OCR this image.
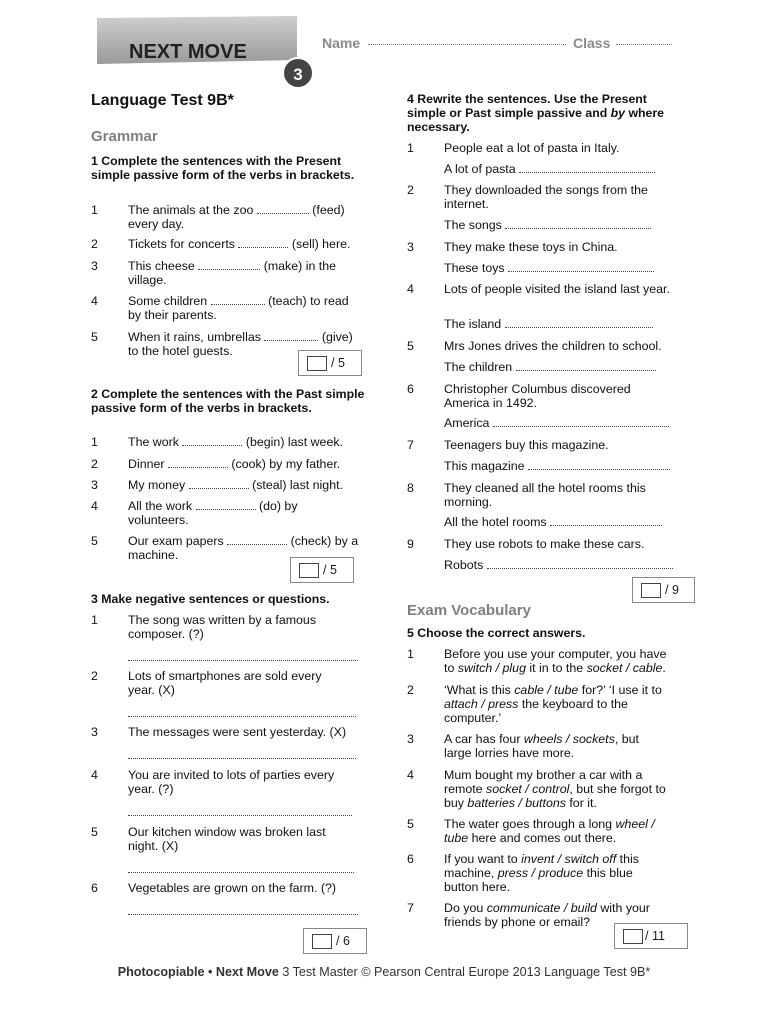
NEXT MOVE
3
Name	Class
Language Test 9B*
Grammar
1 Complete the sentences with the Present simple passive form of the verbs in brackets.
1	The animals at the zoo	(feed) every day.
2	Tickets for concerts	(sell) here.
3	This cheese	(make) in the village.
4	Some children	(teach) to read by their parents.
5	When it rains, umbrellas	(give) to the hotel guests.
/ 5
2 Complete the sentences with the Past simple passive form of the verbs in brackets.
1	The work	(begin) last week.
2	Dinner	(cook) by my father.
3	My money	(steal) last night.
4	All the work	(do) by volunteers.
5	Our exam papers	(check) by a machine.
/ 5
3 Make negative sentences or questions.
1	The song was written by a famous composer. (?)
2	Lots of smartphones are sold every year. (X)
3	The messages were sent yesterday. (X)
4	You are invited to lots of parties every year. (?)
5	Our kitchen window was broken last night. (X)
6	Vegetables are grown on the farm. (?)
/ 6
4 Rewrite the sentences. Use the Present simple or Past simple passive and by where necessary.
1	People eat a lot of pasta in Italy.
A lot of pasta
2	They downloaded the songs from the internet.
The songs
3	They make these toys in China.
These toys
4	Lots of people visited the island last year.
The island
5	Mrs Jones drives the children to school.
The children
6	Christopher Columbus discovered America in 1492.
America
7	Teenagers buy this magazine.
This magazine
8	They cleaned all the hotel rooms this morning.
All the hotel rooms
9	They use robots to make these cars.
Robots
/ 9
Exam Vocabulary
5 Choose the correct answers.
1	Before you use your computer, you have
to switch / plug it in to the socket / cable.
2	‘What is this cable / tube for?’ ‘I use it to
attach / press the keyboard to the
computer.’
3	A car has four wheels / sockets, but
large lorries have more.
4	Mum bought my brother a car with a
remote socket / control, but she forgot to
buy batteries / buttons for it.
5	The water goes through a long wheel /
tube here and comes out there.
6	If you want to invent / switch off this
machine, press / produce this blue
button here.
7	Do you communicate / build with your
friends by phone or email?
/ 11
Photocopiable • Next Move 3 Test Master © Pearson Central Europe 2013 Language Test 9B*
